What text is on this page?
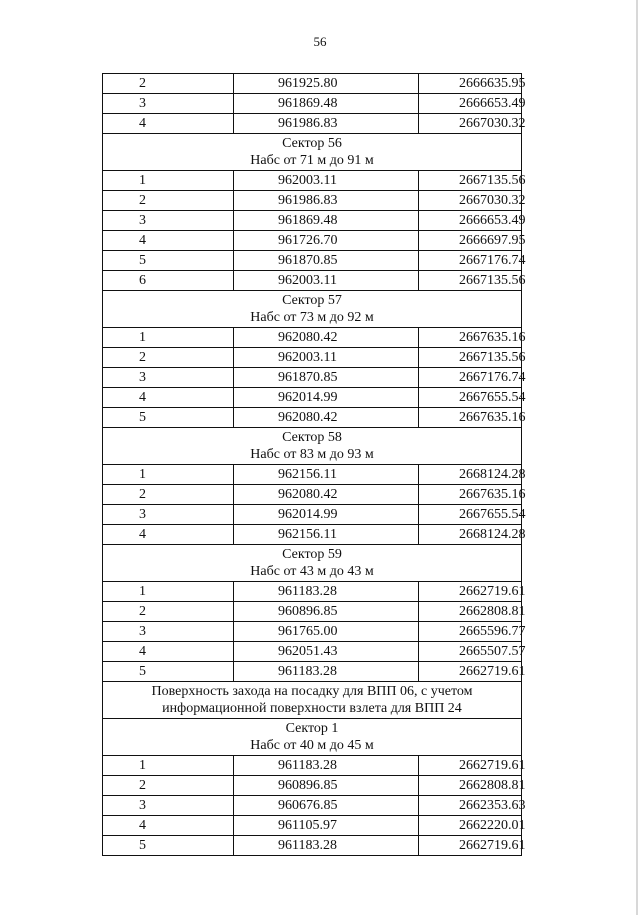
56
2	961925.80	2666635.95
3	961869.48	2666653.49
4	961986.83	2667030.32

Сектор 56
Набс от 71 м до 91 м		

1	962003.11	2667135.56
2	961986.83	2667030.32
3	961869.48	2666653.49
4	961726.70	2666697.95
5	961870.85	2667176.74
6	962003.11	2667135.56

Сектор 57
Набс от 73 м до 92 м		

1	962080.42	2667635.16
2	962003.11	2667135.56
3	961870.85	2667176.74
4	962014.99	2667655.54
5	962080.42	2667635.16

Сектор 58
Набс от 83 м до 93 м		

1	962156.11	2668124.28
2	962080.42	2667635.16
3	962014.99	2667655.54
4	962156.11	2668124.28

Сектор 59
Набс от 43 м до 43 м		

1	961183.28	2662719.61
2	960896.85	2662808.81
3	961765.00	2665596.77
4	962051.43	2665507.57
5	961183.28	2662719.61

Поверхность захода на посадку для ВПП 06, с учетом
информационной поверхности взлета для ВПП 24		

Сектор 1
Набс от 40 м до 45 м		

1	961183.28	2662719.61
2	960896.85	2662808.81
3	960676.85	2662353.63
4	961105.97	2662220.01
5	961183.28	2662719.61
